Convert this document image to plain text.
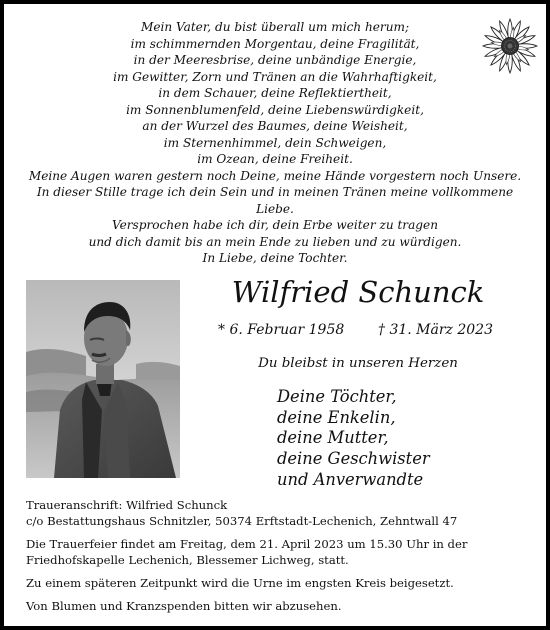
Mein Vater, du bist überall um mich herum;
im schimmernden Morgentau, deine Fragilität,
in der Meeresbrise, deine unbändige Energie,
im Gewitter, Zorn und Tränen an die Wahrhaftigkeit,
in dem Schauer, deine Reflektiertheit,
im Sonnenblumenfeld, deine Liebenswürdigkeit,
an der Wurzel des Baumes, deine Weisheit,
im Sternenhimmel, dein Schweigen,
im Ozean, deine Freiheit.
Meine Augen waren gestern noch Deine, meine Hände vorgestern noch Unsere.
In dieser Stille trage ich dein Sein und in meinen Tränen meine vollkommene
Liebe.
Versprochen habe ich dir, dein Erbe weiter zu tragen
und dich damit bis an mein Ende zu lieben und zu würdigen.
In Liebe, deine Tochter.
Wilfried Schunck
* 6. Februar 1958 † 31. März 2023
Du bleibst in unseren Herzen
Deine Töchter,
deine Enkelin,
deine Mutter,
deine Geschwister
und Anverwandte
Traueranschrift: Wilfried Schunck
c/o Bestattungshaus Schnitzler, 50374 Erftstadt-Lechenich, Zehntwall 47
Die Trauerfeier findet am Freitag, dem 21. April 2023 um 15.30 Uhr in der
Friedhofskapelle Lechenich, Blessemer Lichweg, statt.
Zu einem späteren Zeitpunkt wird die Urne im engsten Kreis beigesetzt.
Von Blumen und Kranzspenden bitten wir abzusehen.
